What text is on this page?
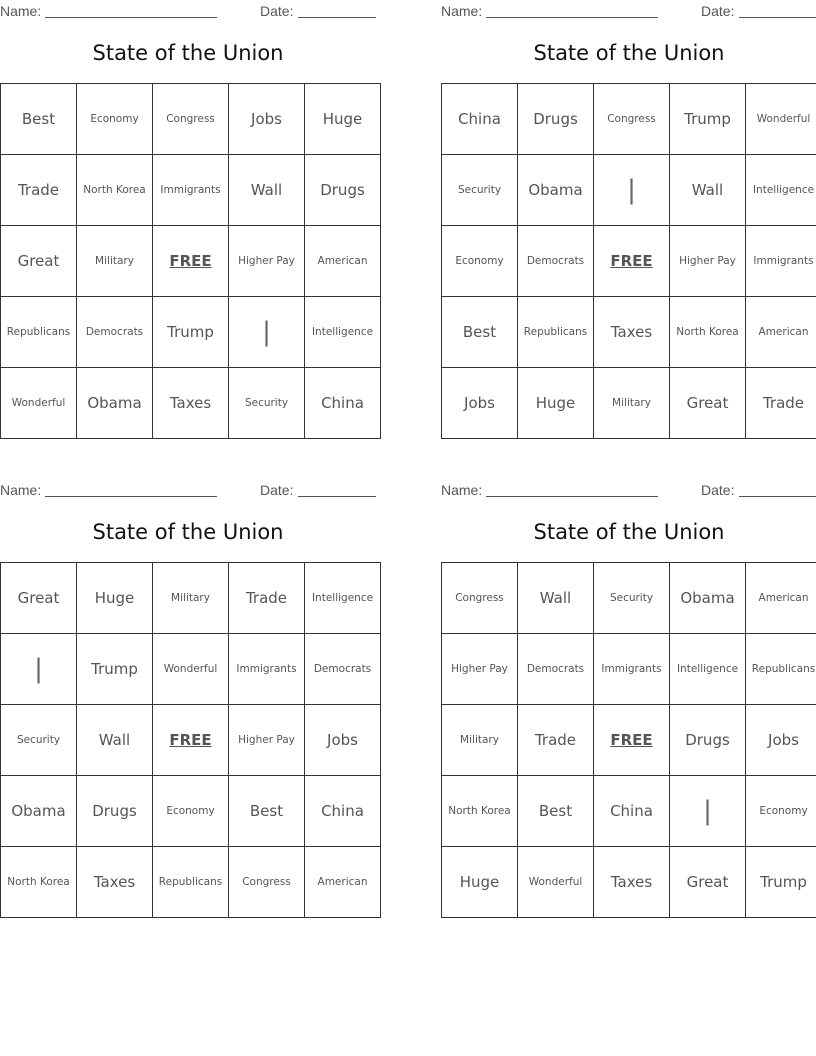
Name:	Date:
State of the Union
Best	Economy	Congress	Jobs	Huge
Trade	North Korea	Immigrants	Wall	Drugs
Great	Military	FREE	Higher Pay	American
Republicans	Democrats	Trump	|	Intelligence
Wonderful	Obama	Taxes	Security	China
Name:	Date:
State of the Union
China	Drugs	Congress	Trump	Wonderful
Security	Obama	|	Wall	Intelligence
Economy	Democrats	FREE	Higher Pay	Immigrants
Best	Republicans	Taxes	North Korea	American
Jobs	Huge	Military	Great	Trade
Name:	Date:
State of the Union
Great	Huge	Military	Trade	Intelligence
|	Trump	Wonderful	Immigrants	Democrats
Security	Wall	FREE	Higher Pay	Jobs
Obama	Drugs	Economy	Best	China
North Korea	Taxes	Republicans	Congress	American
Name:	Date:
State of the Union
Congress	Wall	Security	Obama	American
Higher Pay	Democrats	Immigrants	Intelligence	Republicans
Military	Trade	FREE	Drugs	Jobs
North Korea	Best	China	|	Economy
Huge	Wonderful	Taxes	Great	Trump
